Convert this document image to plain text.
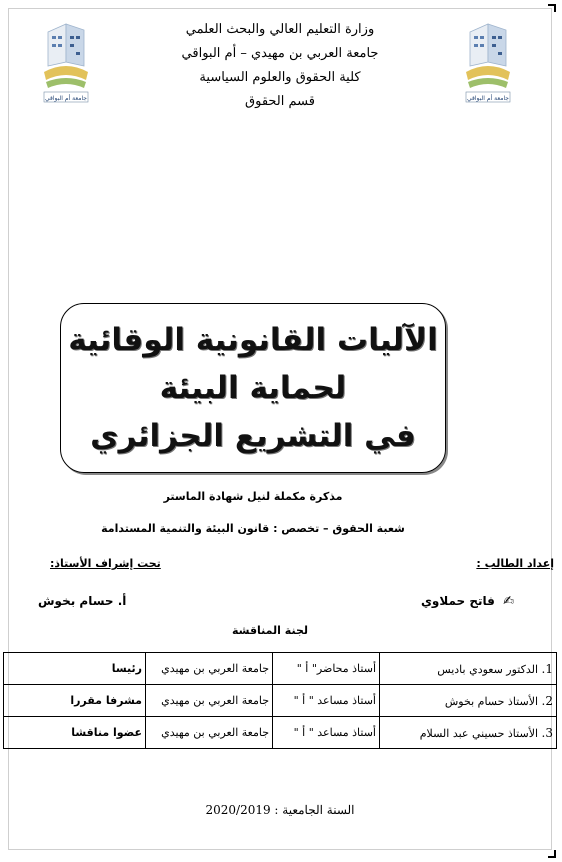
جامعة أم البواقي	جامعة أم البواقي
وزارة التعليم العالي والبحث العلمي
جامعة العربي بن مهيدي – أم البواقي
كلية الحقوق والعلوم السياسية
قسم الحقوق
الآليات القانونية الوقائية لحماية البيئة
في التشريع الجزائري
مذكرة مكملة لنيل شهادة الماستر
شعبة الحقوق – تخصص : قانون البيئة والتنمية المستدامة
إعداد الطالب :
تحت إشراف الأستاذ:
✍ فاتح حملاوي
أ. حسام بخوش
لجنة المناقشة
1. الدكتور سعودي باديس	أستاذ محاضر" أ "	جامعة العربي بن مهيدي	رئيسا
2. الأستاذ حسام بخوش	أستاذ مساعد " أ "	جامعة العربي بن مهيدي	مشرفا مقررا
3. الأستاذ حسيني عبد السلام	أستاذ مساعد " أ "	جامعة العربي بن مهيدي	عضوا مناقشا
السنة الجامعية : 2020/2019
